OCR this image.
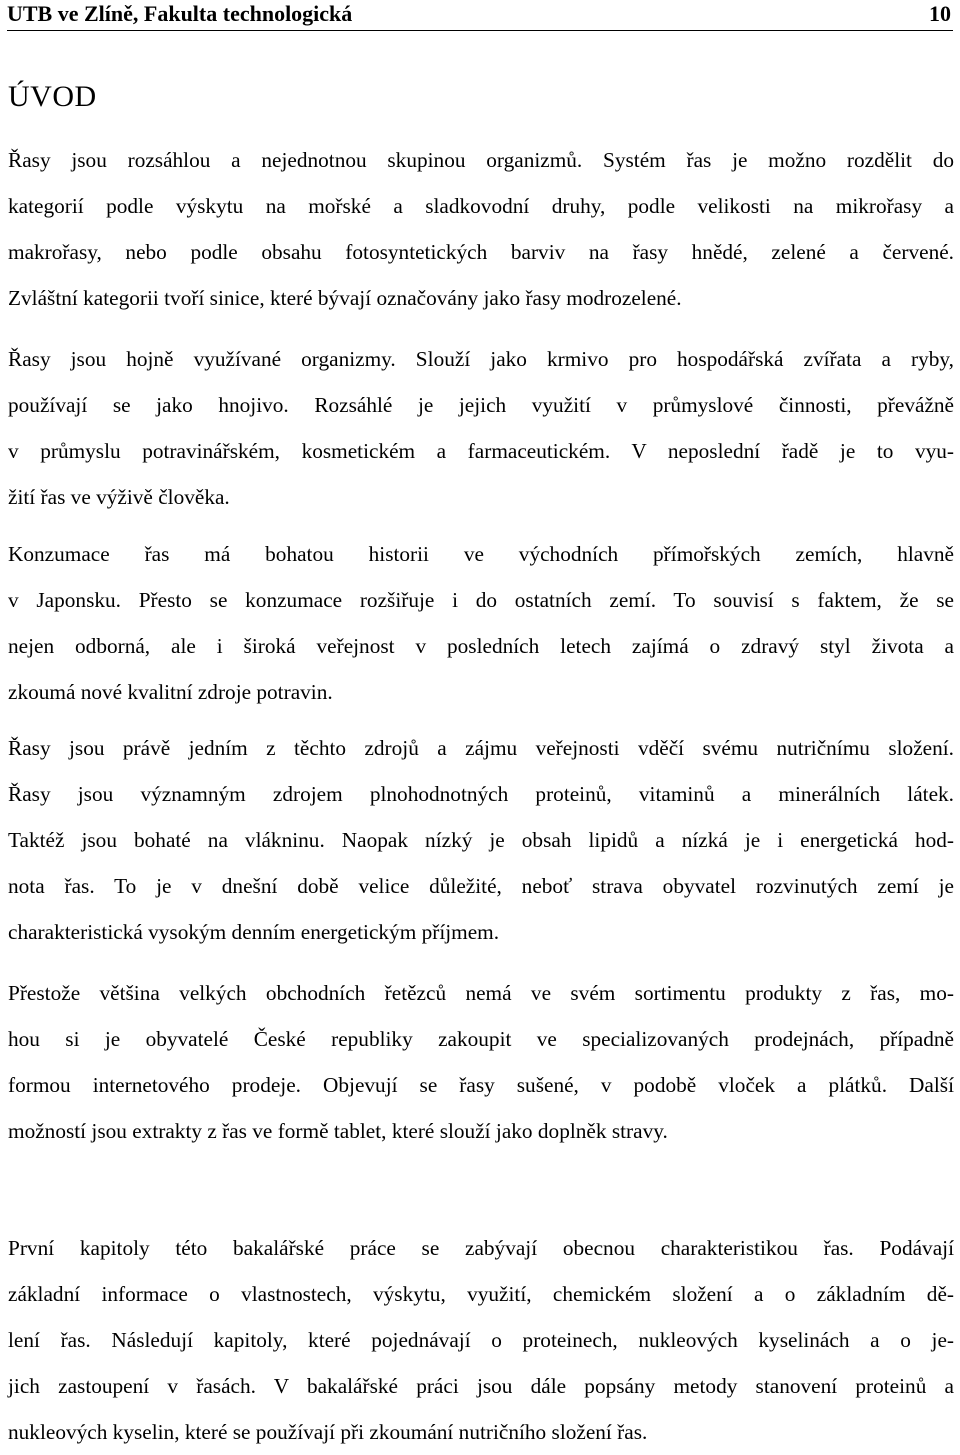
UTB ve Zlíně, Fakulta technologická	10
ÚVOD
Řasy jsou rozsáhlou a nejednotnou skupinou organizmů. Systém řas je možno rozdělit do
kategorií podle výskytu na mořské a sladkovodní druhy, podle velikosti na mikrořasy a
makrořasy, nebo podle obsahu fotosyntetických barviv na řasy hnědé, zelené a červené.
Zvláštní kategorii tvoří sinice, které bývají označovány jako řasy modrozelené.
Řasy jsou hojně využívané organizmy. Slouží jako krmivo pro hospodářská zvířata a ryby,
používají se jako hnojivo. Rozsáhlé je jejich využití v průmyslové činnosti, převážně
v průmyslu potravinářském, kosmetickém a farmaceutickém. V neposlední řadě je to vyu-
žití řas ve výživě člověka.
Konzumace řas má bohatou historii ve východních přímořských zemích, hlavně
v Japonsku. Přesto se konzumace rozšiřuje i do ostatních zemí. To souvisí s faktem, že se
nejen odborná, ale i široká veřejnost v posledních letech zajímá o zdravý styl života a
zkoumá nové kvalitní zdroje potravin.
Řasy jsou právě jedním z těchto zdrojů a zájmu veřejnosti vděčí svému nutričnímu složení.
Řasy jsou významným zdrojem plnohodnotných proteinů, vitaminů a minerálních látek.
Taktéž jsou bohaté na vlákninu. Naopak nízký je obsah lipidů a nízká je i energetická hod-
nota řas. To je v dnešní době velice důležité, neboť strava obyvatel rozvinutých zemí je
charakteristická vysokým denním energetickým příjmem.
Přestože většina velkých obchodních řetězců nemá ve svém sortimentu produkty z řas, mo-
hou si je obyvatelé České republiky zakoupit ve specializovaných prodejnách, případně
formou internetového prodeje. Objevují se řasy sušené, v podobě vloček a plátků. Další
možností jsou extrakty z řas ve formě tablet, které slouží jako doplněk stravy.
První kapitoly této bakalářské práce se zabývají obecnou charakteristikou řas. Podávají
základní informace o vlastnostech, výskytu, využití, chemickém složení a o základním dě-
lení řas. Následují kapitoly, které pojednávají o proteinech, nukleových kyselinách a o je-
jich zastoupení v řasách. V bakalářské práci jsou dále popsány metody stanovení proteinů a
nukleových kyselin, které se používají při zkoumání nutričního složení řas.
